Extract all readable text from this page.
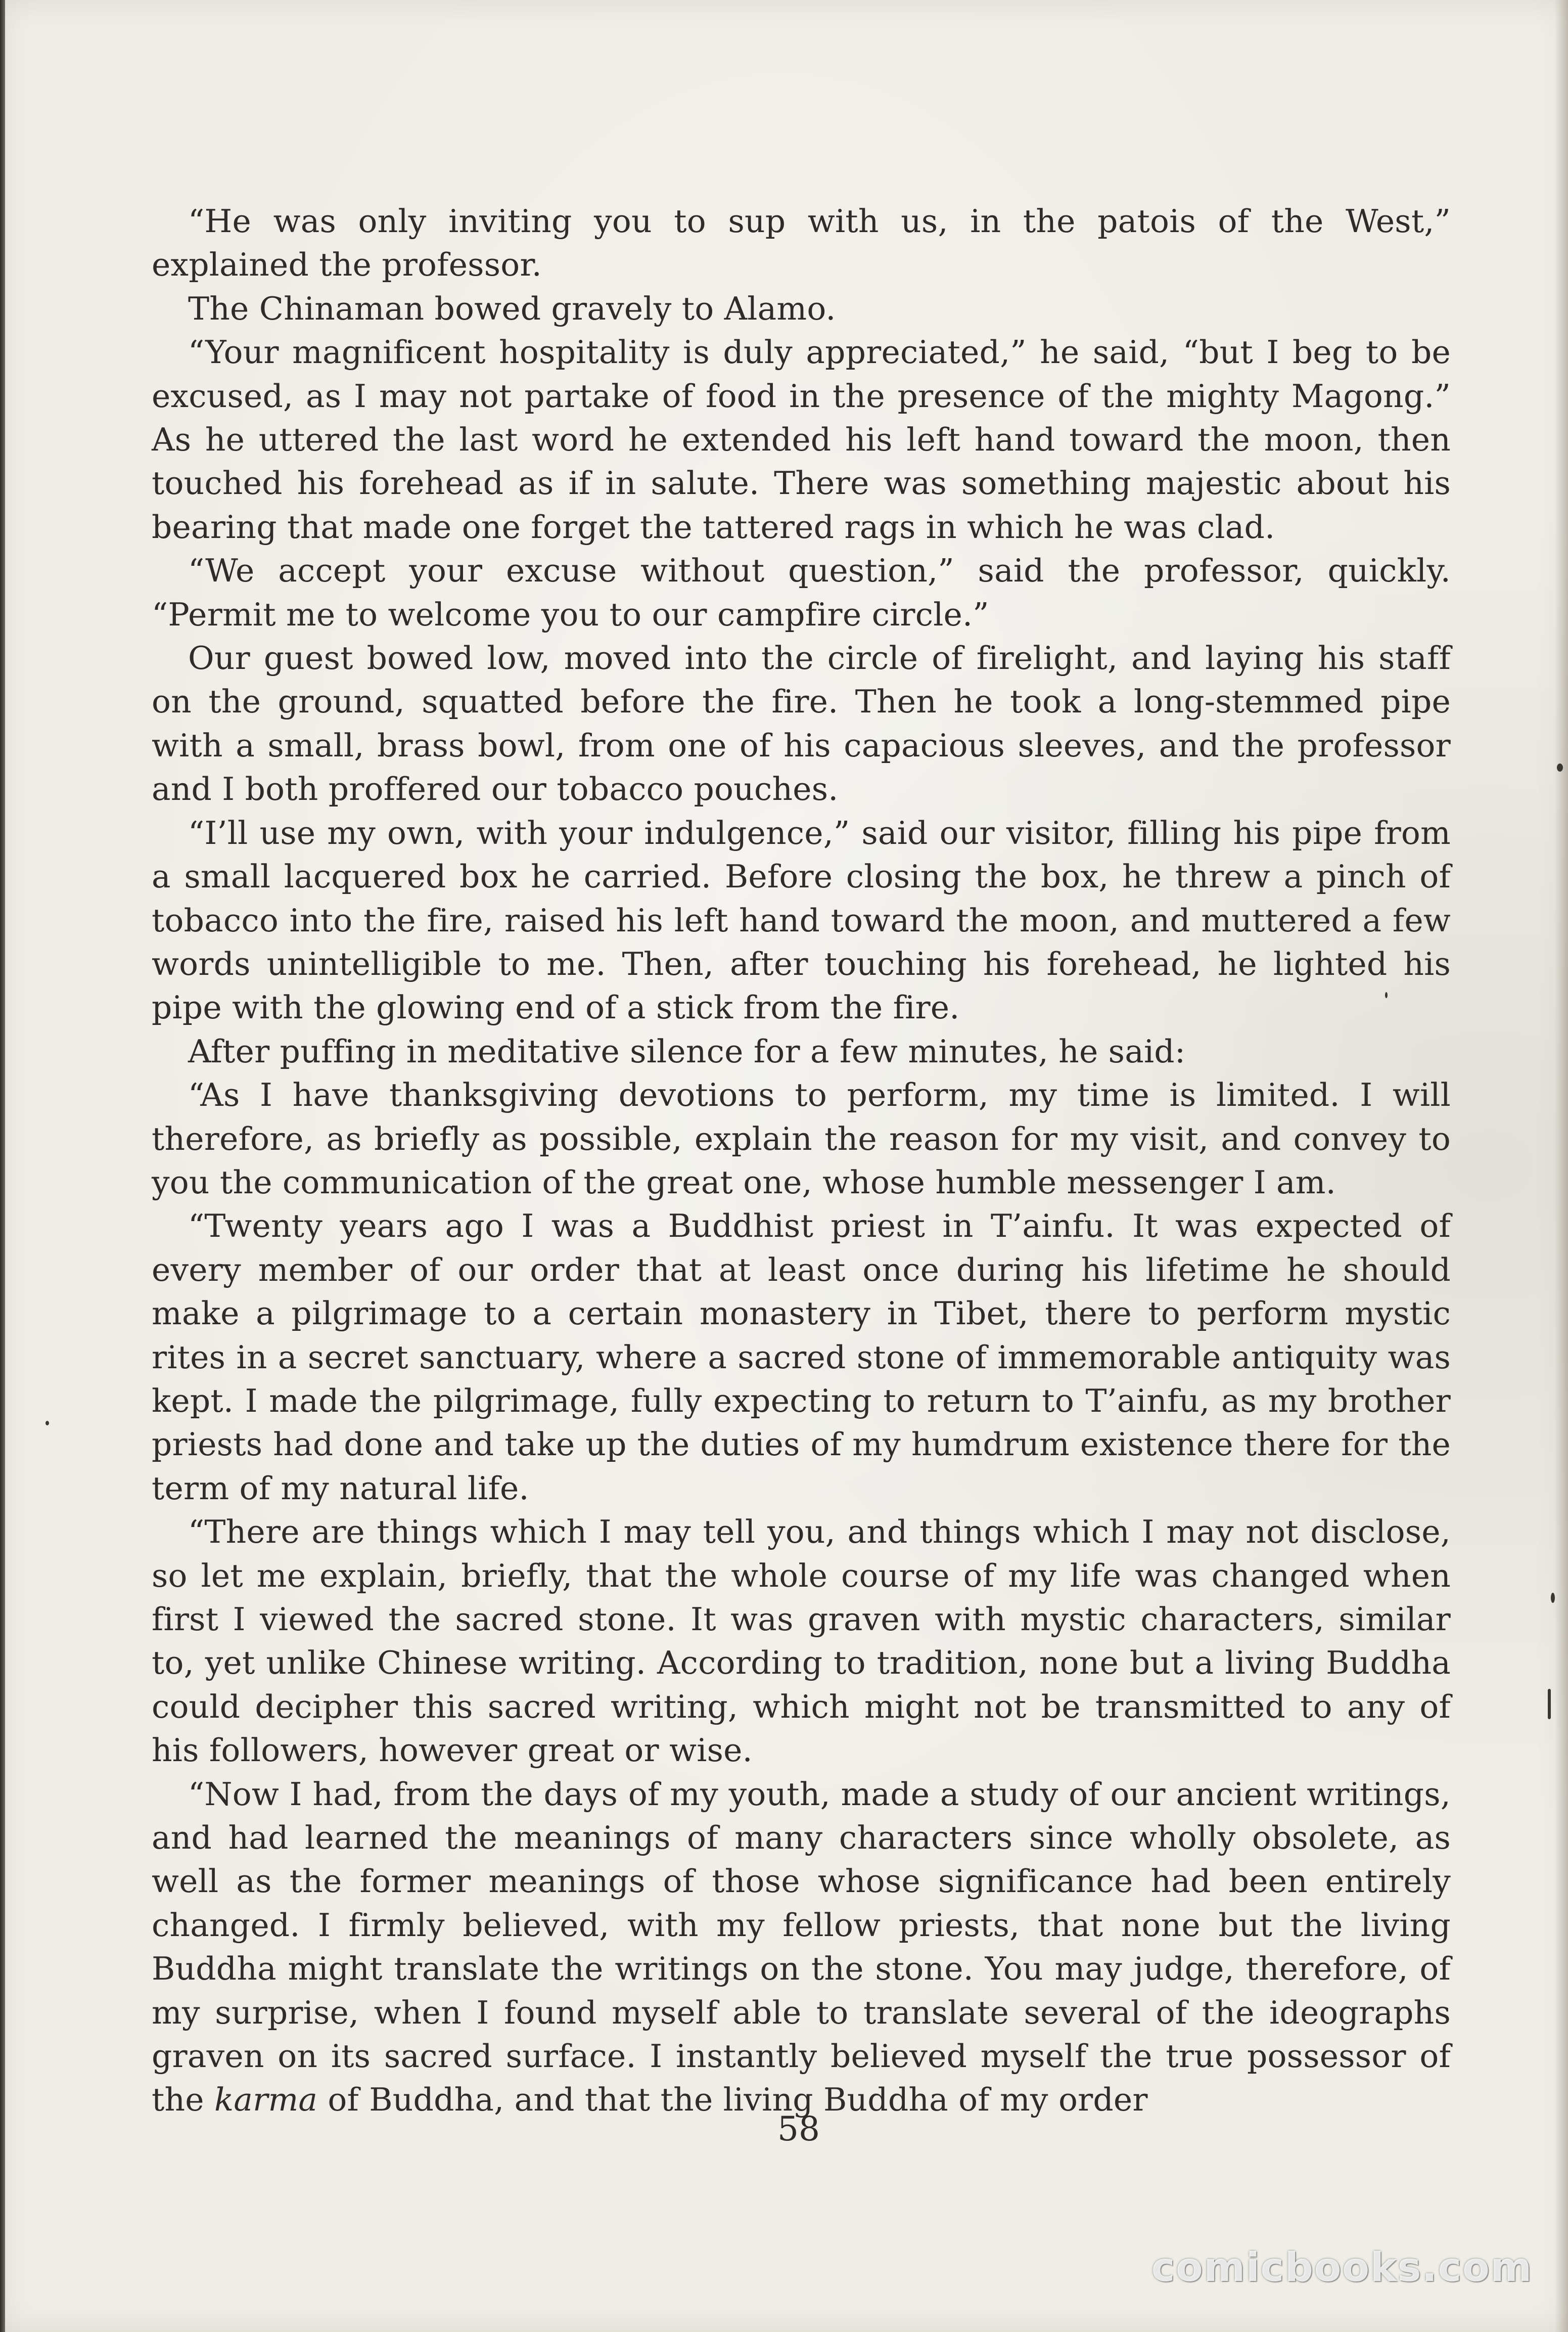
“He was only inviting you to sup with us, in the patois of the West,” explained the professor.

The Chinaman bowed gravely to Alamo.

“Your magnificent hospitality is duly appreciated,” he said, “but I beg to be excused, as I may not partake of food in the presence of the mighty Magong.” As he uttered the last word he extended his left hand toward the moon, then touched his forehead as if in salute. There was something majestic about his bearing that made one forget the tattered rags in which he was clad.

“We accept your excuse without question,” said the professor, quickly. “Permit me to welcome you to our campfire circle.”

Our guest bowed low, moved into the circle of firelight, and laying his staff on the ground, squatted before the fire. Then he took a long-stemmed pipe with a small, brass bowl, from one of his capacious sleeves, and the professor and I both proffered our tobacco pouches.

“I’ll use my own, with your indulgence,” said our visitor, filling his pipe from a small lacquered box he carried. Before closing the box, he threw a pinch of tobacco into the fire, raised his left hand toward the moon, and muttered a few words unintelligible to me. Then, after touching his forehead, he lighted his pipe with the glowing end of a stick from the fire.

After puffing in meditative silence for a few minutes, he said:

“As I have thanksgiving devotions to perform, my time is limited. I will therefore, as briefly as possible, explain the reason for my visit, and convey to you the communication of the great one, whose humble messenger I am.

“Twenty years ago I was a Buddhist priest in T’ainfu. It was expected of every member of our order that at least once during his lifetime he should make a pilgrimage to a certain monastery in Tibet, there to perform mystic rites in a secret sanctuary, where a sacred stone of immemorable antiquity was kept. I made the pilgrimage, fully expecting to return to T’ainfu, as my brother priests had done and take up the duties of my humdrum existence there for the term of my natural life.

“There are things which I may tell you, and things which I may not disclose, so let me explain, briefly, that the whole course of my life was changed when first I viewed the sacred stone. It was graven with mystic characters, similar to, yet unlike Chinese writing. According to tradition, none but a living Buddha could decipher this sacred writing, which might not be transmitted to any of his followers, however great or wise.

“Now I had, from the days of my youth, made a study of our ancient writings, and had learned the meanings of many characters since wholly obsolete, as well as the former meanings of those whose significance had been entirely changed. I firmly believed, with my fellow priests, that none but the living Buddha might translate the writings on the stone. You may judge, therefore, of my surprise, when I found myself able to translate several of the ideographs graven on its sacred surface. I instantly believed myself the true possessor of the karma of Buddha, and that the living Buddha of my order

58
comicbooks.com
